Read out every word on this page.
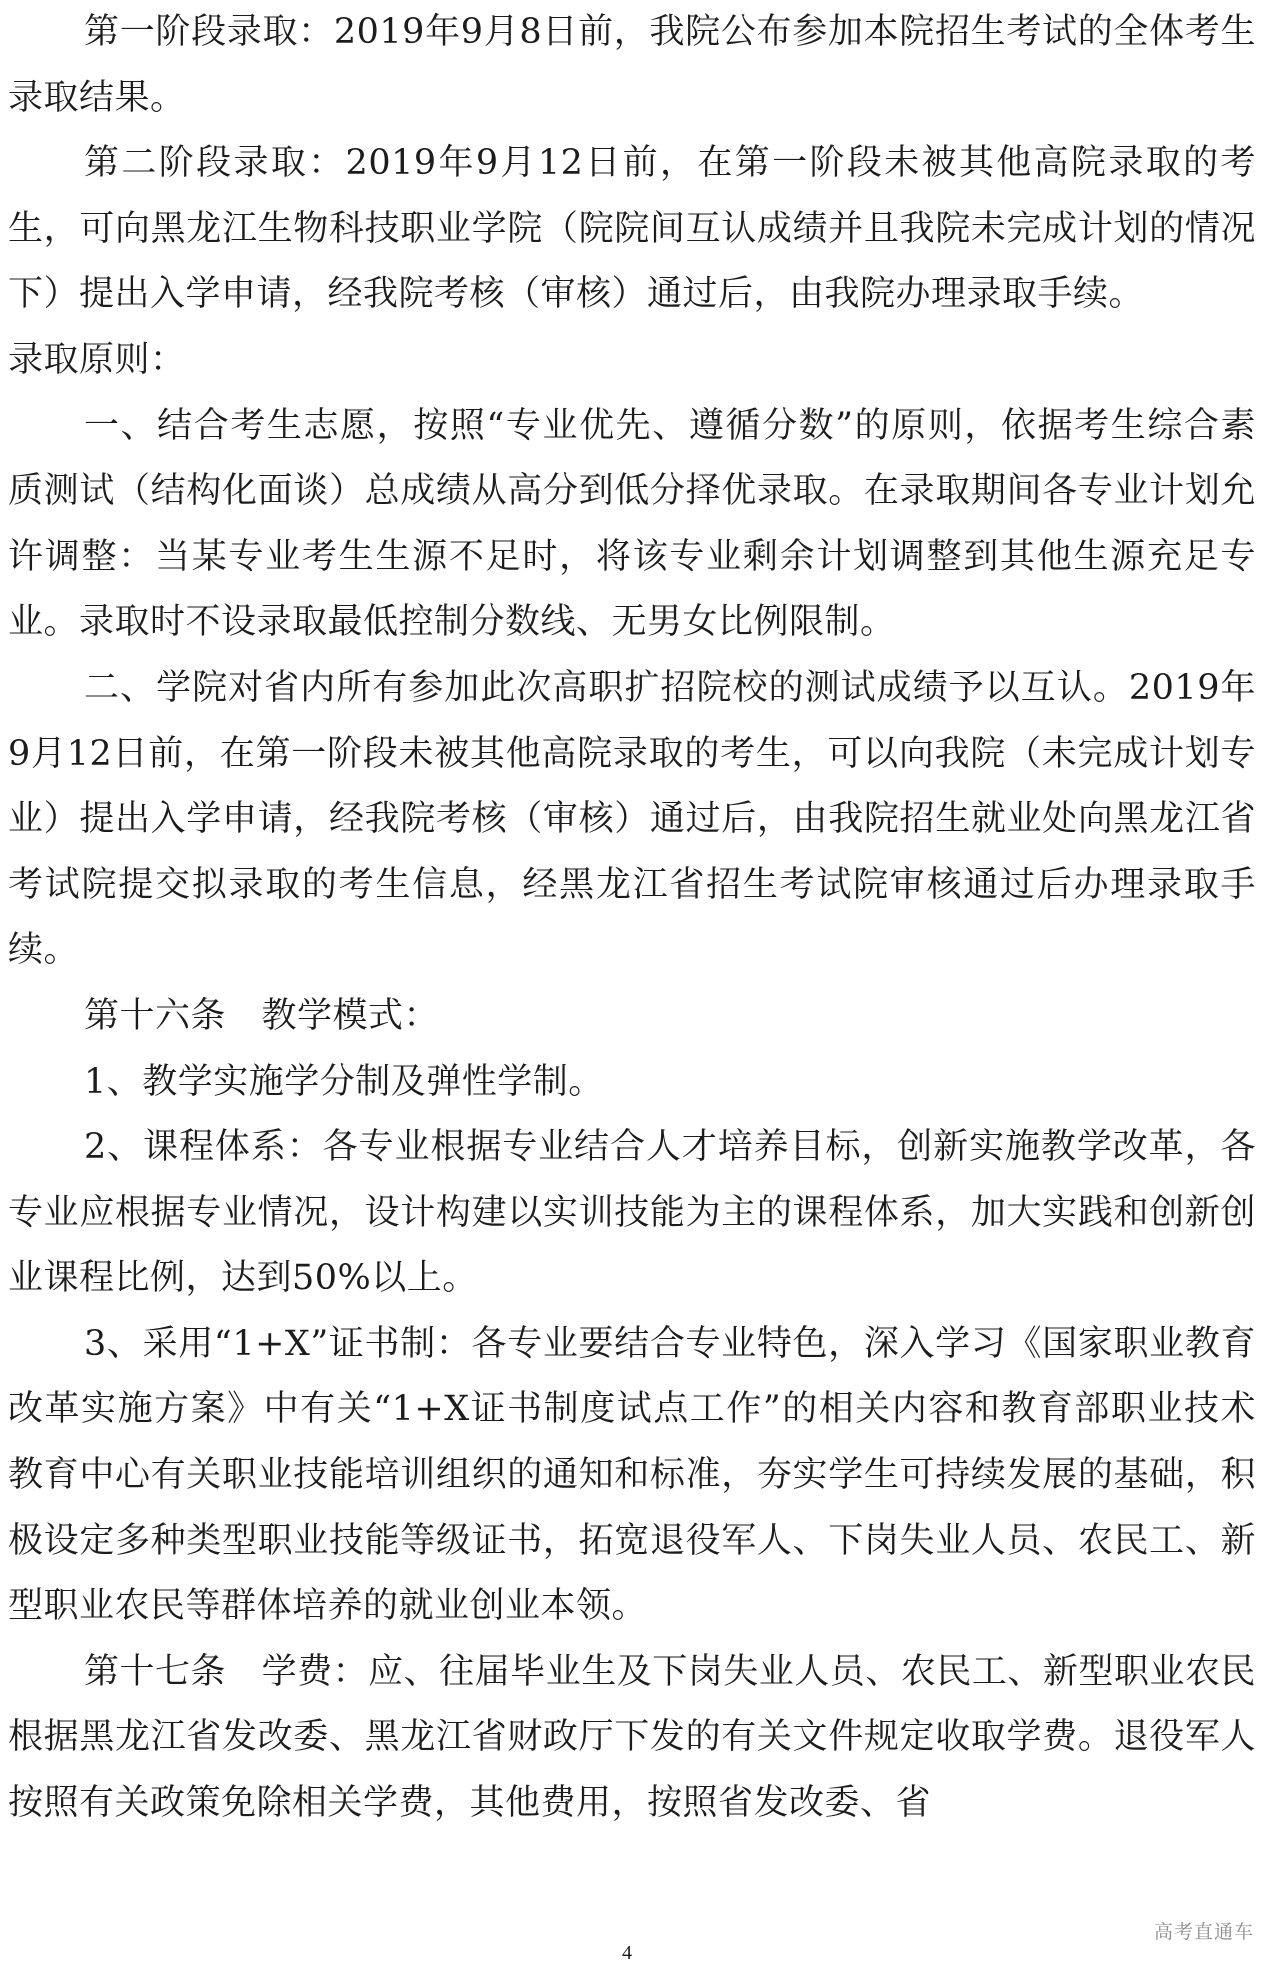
第一阶段录取：2019年9月8日前，我院公布参加本院招生考试的全体考生录取结果。

第二阶段录取：2019年9月12日前，在第一阶段未被其他高院录取的考生，可向黑龙江生物科技职业学院（院院间互认成绩并且我院未完成计划的情况下）提出入学申请，经我院考核（审核）通过后，由我院办理录取手续。

录取原则：

一、结合考生志愿，按照“专业优先、遵循分数”的原则，依据考生综合素质测试（结构化面谈）总成绩从高分到低分择优录取。在录取期间各专业计划允许调整：当某专业考生生源不足时，将该专业剩余计划调整到其他生源充足专业。录取时不设录取最低控制分数线、无男女比例限制。

二、学院对省内所有参加此次高职扩招院校的测试成绩予以互认。2019年9月12日前，在第一阶段未被其他高院录取的考生，可以向我院（未完成计划专业）提出入学申请，经我院考核（审核）通过后，由我院招生就业处向黑龙江省考试院提交拟录取的考生信息，经黑龙江省招生考试院审核通过后办理录取手续。

第十六条　教学模式：

1、教学实施学分制及弹性学制。

2、课程体系：各专业根据专业结合人才培养目标，创新实施教学改革，各专业应根据专业情况，设计构建以实训技能为主的课程体系，加大实践和创新创业课程比例，达到50%以上。

3、采用“1+X”证书制：各专业要结合专业特色，深入学习《国家职业教育改革实施方案》中有关“1+X证书制度试点工作”的相关内容和教育部职业技术教育中心有关职业技能培训组织的通知和标准，夯实学生可持续发展的基础，积极设定多种类型职业技能等级证书，拓宽退役军人、下岗失业人员、农民工、新型职业农民等群体培养的就业创业本领。

第十七条　学费：应、往届毕业生及下岗失业人员、农民工、新型职业农民根据黑龙江省发改委、黑龙江省财政厅下发的有关文件规定收取学费。退役军人按照有关政策免除相关学费，其他费用，按照省发改委、省

高考直通车
4
